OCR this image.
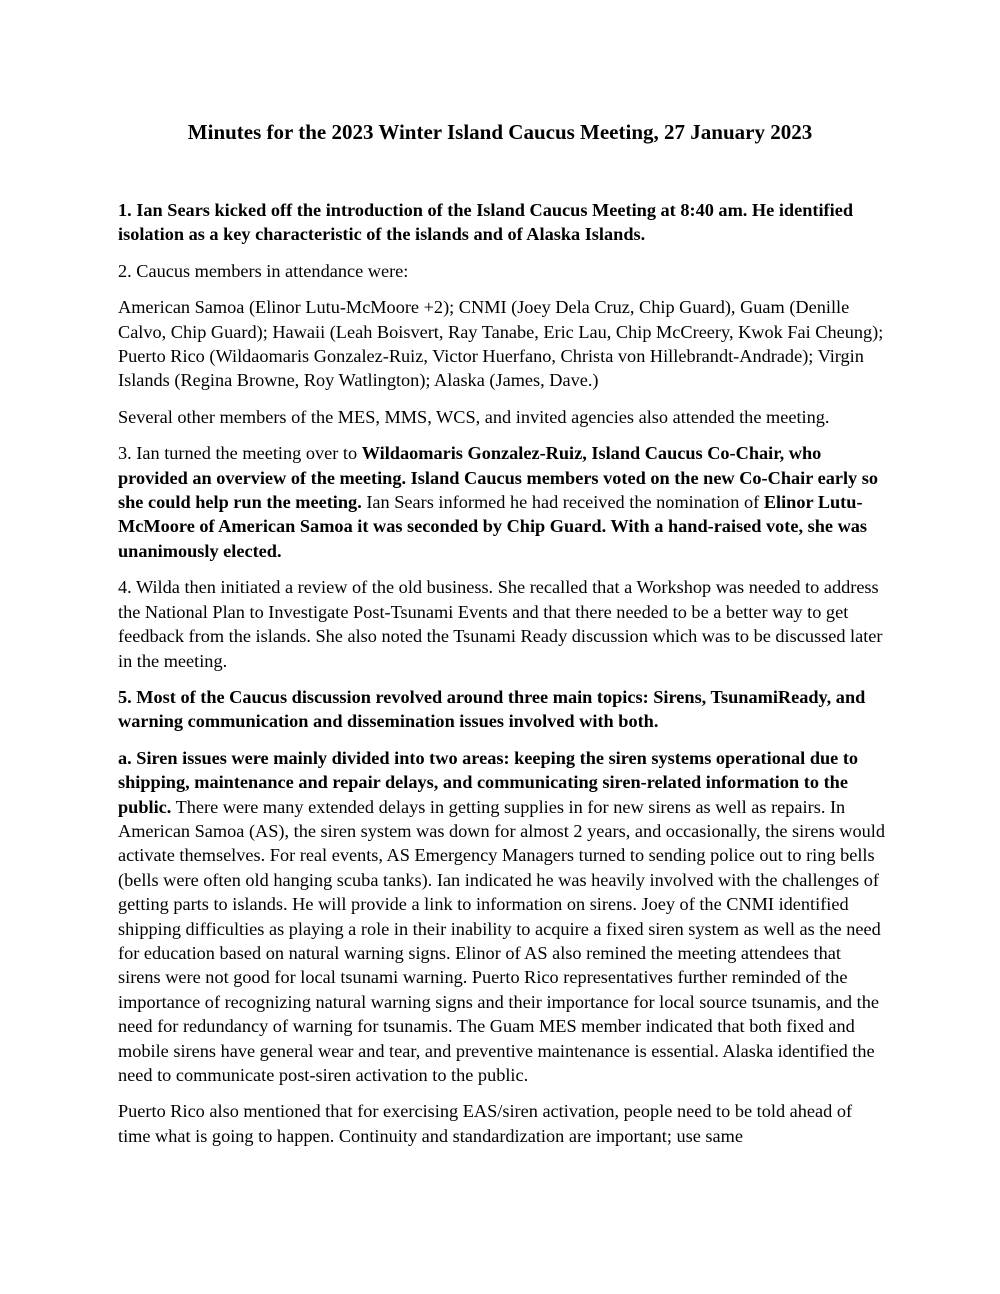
Minutes for the 2023 Winter Island Caucus Meeting, 27 January 2023

1. Ian Sears kicked off the introduction of the Island Caucus Meeting at 8:40 am. He identified isolation as a key characteristic of the islands and of Alaska Islands.

2. Caucus members in attendance were:

American Samoa (Elinor Lutu-McMoore +2); CNMI (Joey Dela Cruz, Chip Guard), Guam (Denille Calvo, Chip Guard); Hawaii (Leah Boisvert, Ray Tanabe, Eric Lau, Chip McCreery, Kwok Fai Cheung); Puerto Rico (Wildaomaris Gonzalez-Ruiz, Victor Huerfano, Christa von Hillebrandt-Andrade); Virgin Islands (Regina Browne, Roy Watlington); Alaska (James, Dave.)

Several other members of the MES, MMS, WCS, and invited agencies also attended the meeting.

3. Ian turned the meeting over to Wildaomaris Gonzalez-Ruiz, Island Caucus Co-Chair, who provided an overview of the meeting. Island Caucus members voted on the new Co-Chair early so she could help run the meeting. Ian Sears informed he had received the nomination of Elinor Lutu-McMoore of American Samoa it was seconded by Chip Guard. With a hand-raised vote, she was unanimously elected.

4. Wilda then initiated a review of the old business. She recalled that a Workshop was needed to address the National Plan to Investigate Post-Tsunami Events and that there needed to be a better way to get feedback from the islands. She also noted the Tsunami Ready discussion which was to be discussed later in the meeting.

5. Most of the Caucus discussion revolved around three main topics: Sirens, TsunamiReady, and warning communication and dissemination issues involved with both.

a. Siren issues were mainly divided into two areas: keeping the siren systems operational due to shipping, maintenance and repair delays, and communicating siren-related information to the public. There were many extended delays in getting supplies in for new sirens as well as repairs. In American Samoa (AS), the siren system was down for almost 2 years, and occasionally, the sirens would activate themselves. For real events, AS Emergency Managers turned to sending police out to ring bells (bells were often old hanging scuba tanks). Ian indicated he was heavily involved with the challenges of getting parts to islands. He will provide a link to information on sirens. Joey of the CNMI identified shipping difficulties as playing a role in their inability to acquire a fixed siren system as well as the need for education based on natural warning signs. Elinor of AS also remined the meeting attendees that sirens were not good for local tsunami warning. Puerto Rico representatives further reminded of the importance of recognizing natural warning signs and their importance for local source tsunamis, and the need for redundancy of warning for tsunamis. The Guam MES member indicated that both fixed and mobile sirens have general wear and tear, and preventive maintenance is essential. Alaska identified the need to communicate post-siren activation to the public.

Puerto Rico also mentioned that for exercising EAS/siren activation, people need to be told ahead of time what is going to happen. Continuity and standardization are important; use same
